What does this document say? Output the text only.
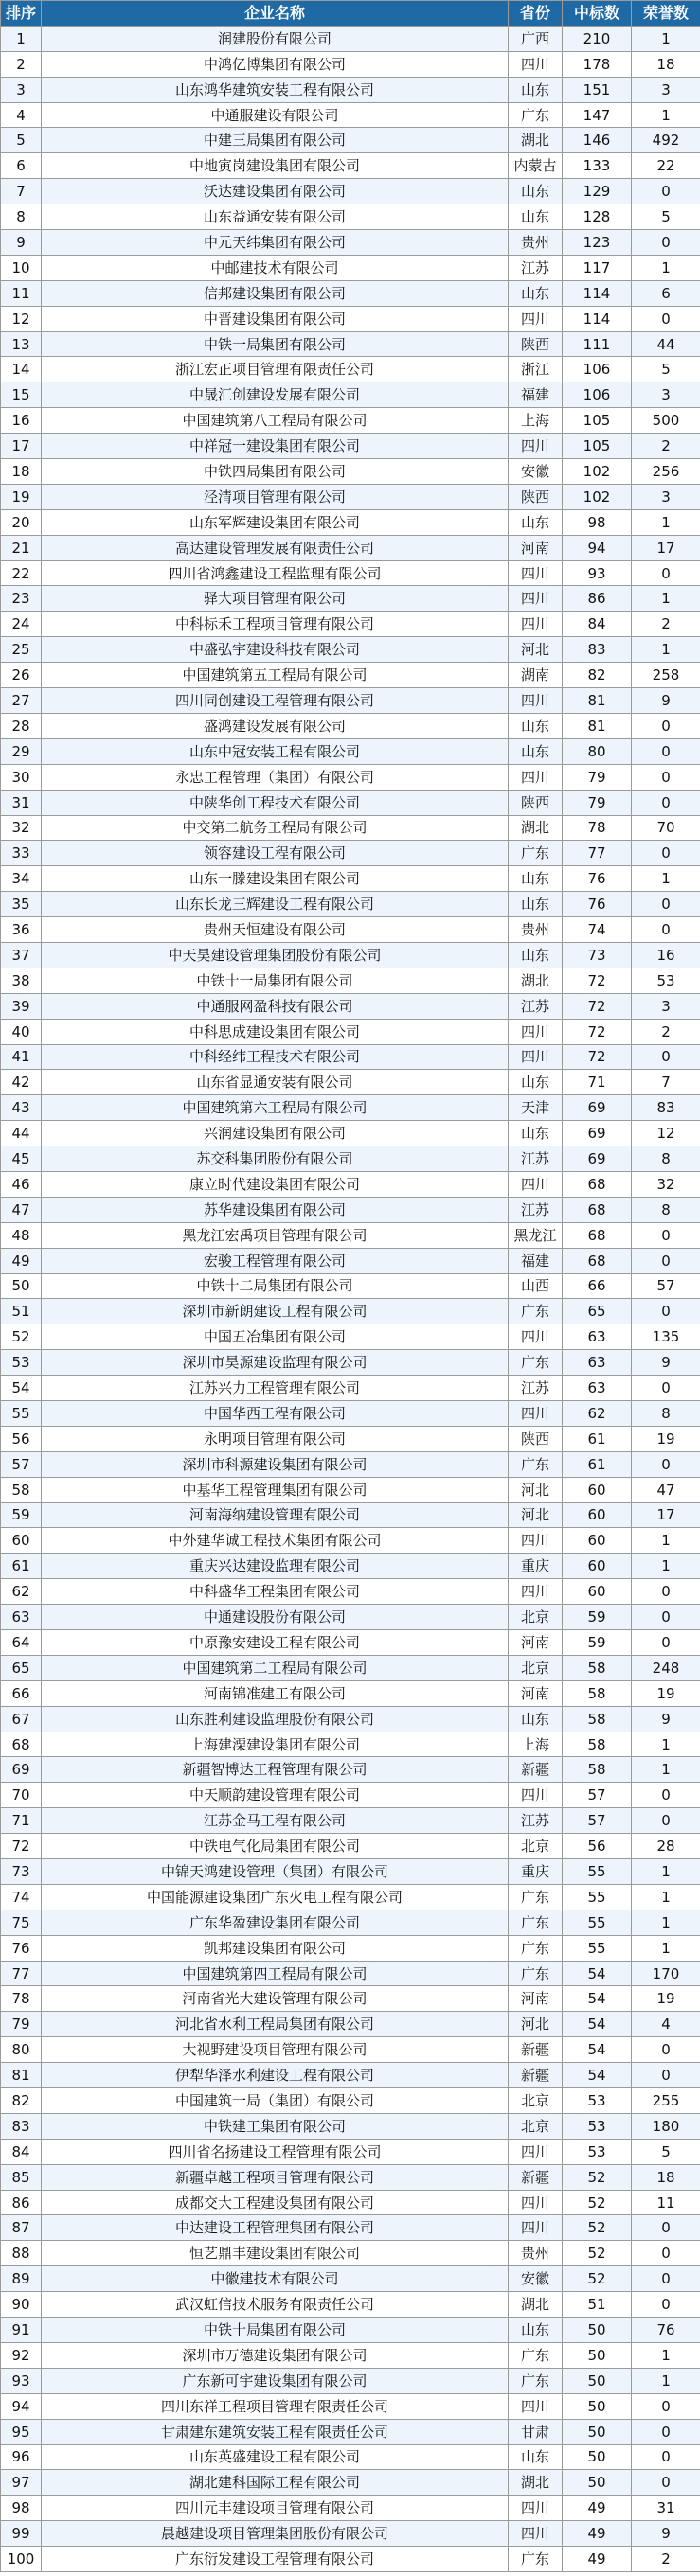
排序	企业名称	省份	中标数	荣誉数
1	润建股份有限公司	广西	210	1
2	中鸿亿博集团有限公司	四川	178	18
3	山东鸿华建筑安装工程有限公司	山东	151	3
4	中通服建设有限公司	广东	147	1
5	中建三局集团有限公司	湖北	146	492
6	中地寅岗建设集团有限公司	内蒙古	133	22
7	沃达建设集团有限公司	山东	129	0
8	山东益通安装有限公司	山东	128	5
9	中元天纬集团有限公司	贵州	123	0
10	中邮建技术有限公司	江苏	117	1
11	信邦建设集团有限公司	山东	114	6
12	中晋建设集团有限公司	四川	114	0
13	中铁一局集团有限公司	陕西	111	44
14	浙江宏正项目管理有限责任公司	浙江	106	5
15	中晟汇创建设发展有限公司	福建	106	3
16	中国建筑第八工程局有限公司	上海	105	500
17	中祥冠一建设集团有限公司	四川	105	2
18	中铁四局集团有限公司	安徽	102	256
19	泾清项目管理有限公司	陕西	102	3
20	山东军辉建设集团有限公司	山东	98	1
21	高达建设管理发展有限责任公司	河南	94	17
22	四川省鸿鑫建设工程监理有限公司	四川	93	0
23	驿大项目管理有限公司	四川	86	1
24	中科标禾工程项目管理有限公司	四川	84	2
25	中盛弘宇建设科技有限公司	河北	83	1
26	中国建筑第五工程局有限公司	湖南	82	258
27	四川同创建设工程管理有限公司	四川	81	9
28	盛鸿建设发展有限公司	山东	81	0
29	山东中冠安装工程有限公司	山东	80	0
30	永忠工程管理（集团）有限公司	四川	79	0
31	中陕华创工程技术有限公司	陕西	79	0
32	中交第二航务工程局有限公司	湖北	78	70
33	领容建设工程有限公司	广东	77	0
34	山东一滕建设集团有限公司	山东	76	1
35	山东长龙三辉建设工程有限公司	山东	76	0
36	贵州天恒建设有限公司	贵州	74	0
37	中天昊建设管理集团股份有限公司	山东	73	16
38	中铁十一局集团有限公司	湖北	72	53
39	中通服网盈科技有限公司	江苏	72	3
40	中科思成建设集团有限公司	四川	72	2
41	中科经纬工程技术有限公司	四川	72	0
42	山东省显通安装有限公司	山东	71	7
43	中国建筑第六工程局有限公司	天津	69	83
44	兴润建设集团有限公司	山东	69	12
45	苏交科集团股份有限公司	江苏	69	8
46	康立时代建设集团有限公司	四川	68	32
47	苏华建设集团有限公司	江苏	68	8
48	黑龙江宏禹项目管理有限公司	黑龙江	68	0
49	宏骏工程管理有限公司	福建	68	0
50	中铁十二局集团有限公司	山西	66	57
51	深圳市新朗建设工程有限公司	广东	65	0
52	中国五冶集团有限公司	四川	63	135
53	深圳市昊源建设监理有限公司	广东	63	9
54	江苏兴力工程管理有限公司	江苏	63	0
55	中国华西工程有限公司	四川	62	8
56	永明项目管理有限公司	陕西	61	19
57	深圳市科源建设集团有限公司	广东	61	0
58	中基华工程管理集团有限公司	河北	60	47
59	河南海纳建设管理有限公司	河北	60	17
60	中外建华诚工程技术集团有限公司	四川	60	1
61	重庆兴达建设监理有限公司	重庆	60	1
62	中科盛华工程集团有限公司	四川	60	0
63	中通建设股份有限公司	北京	59	0
64	中原豫安建设工程有限公司	河南	59	0
65	中国建筑第二工程局有限公司	北京	58	248
66	河南锦准建工有限公司	河南	58	19
67	山东胜利建设监理股份有限公司	山东	58	9
68	上海建溧建设集团有限公司	上海	58	1
69	新疆智博达工程管理有限公司	新疆	58	1
70	中天顺韵建设管理有限公司	四川	57	0
71	江苏金马工程有限公司	江苏	57	0
72	中铁电气化局集团有限公司	北京	56	28
73	中锦天鸿建设管理（集团）有限公司	重庆	55	1
74	中国能源建设集团广东火电工程有限公司	广东	55	1
75	广东华盈建设集团有限公司	广东	55	1
76	凯邦建设集团有限公司	广东	55	1
77	中国建筑第四工程局有限公司	广东	54	170
78	河南省光大建设管理有限公司	河南	54	19
79	河北省水利工程局集团有限公司	河北	54	4
80	大视野建设项目管理有限公司	新疆	54	0
81	伊犁华泽水利建设工程有限公司	新疆	54	0
82	中国建筑一局（集团）有限公司	北京	53	255
83	中铁建工集团有限公司	北京	53	180
84	四川省名扬建设工程管理有限公司	四川	53	5
85	新疆卓越工程项目管理有限公司	新疆	52	18
86	成都交大工程建设集团有限公司	四川	52	11
87	中达建设工程管理集团有限公司	四川	52	0
88	恒艺鼎丰建设集团有限公司	贵州	52	0
89	中徽建技术有限公司	安徽	52	0
90	武汉虹信技术服务有限责任公司	湖北	51	0
91	中铁十局集团有限公司	山东	50	76
92	深圳市万德建设集团有限公司	广东	50	1
93	广东新可宇建设集团有限公司	广东	50	1
94	四川东祥工程项目管理有限责任公司	四川	50	0
95	甘肃建东建筑安装工程有限责任公司	甘肃	50	0
96	山东英盛建设工程有限公司	山东	50	0
97	湖北建科国际工程有限公司	湖北	50	0
98	四川元丰建设项目管理有限公司	四川	49	31
99	晨越建设项目管理集团股份有限公司	四川	49	9
100	广东衍发建设工程管理有限公司	广东	49	2
